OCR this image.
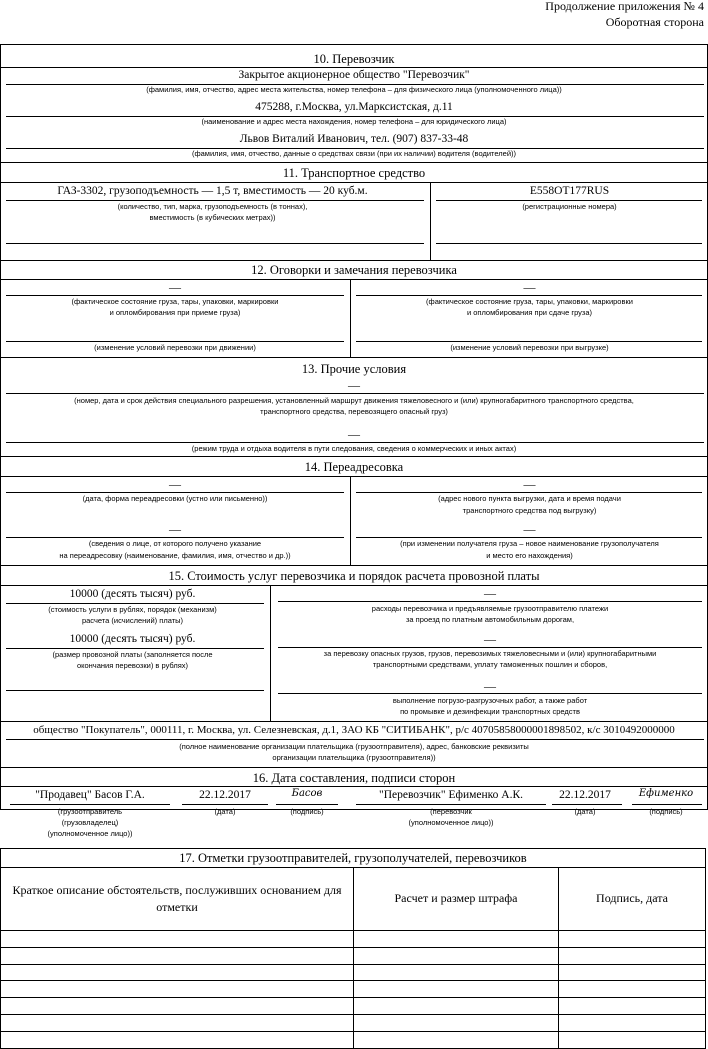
Продолжение приложения № 4
Оборотная сторона
10. Перевозчик
Закрытое акционерное общество "Перевозчик"
(фамилия, имя, отчество, адрес места жительства, номер телефона – для физического лица (уполномоченного лица))
475288, г.Москва, ул.Марксистская, д.11
(наименование и адрес места нахождения, номер телефона – для юридического лица)
Львов Виталий Иванович, тел. (907) 837-33-48
(фамилия, имя, отчество, данные о средствах связи (при их наличии) водителя (водителей))
11. Транспортное средство
ГАЗ-3302, грузоподъемность — 1,5 т, вместимость — 20 куб.м.
(количество, тип, марка, грузоподъемность (в тоннах),
вместимость (в кубических метрах))
Е558ОТ177RUS
(регистрационные номера)
12. Оговорки и замечания перевозчика
—
(фактическое состояние груза, тары, упаковки, маркировки
и опломбирования при приеме груза)
(изменение условий перевозки при движении)
—
(фактическое состояние груза, тары, упаковки, маркировки
и опломбирования при сдаче груза)
(изменение условий перевозки при выгрузке)
13. Прочие условия
—
(номер, дата и срок действия специального разрешения, установленный маршрут движения тяжеловесного и (или) крупногабаритного транспортного средства,
транспортного средства, перевозящего опасный груз)
—
(режим труда и отдыха водителя в пути следования, сведения о коммерческих и иных актах)
14. Переадресовка
—
(дата, форма переадресовки (устно или письменно))
—
(сведения о лице, от которого получено указание
на переадресовку (наименование, фамилия, имя, отчество и др.))
—
(адрес нового пункта выгрузки, дата и время подачи
транспортного средства под выгрузку)
—
(при изменении получателя груза – новое наименование грузополучателя
и место его нахождения)
15. Стоимость услуг перевозчика и порядок расчета провозной платы
10000 (десять тысяч) руб.
(стоимость услуги в рублях, порядок (механизм)
расчета (исчислений) платы)
10000 (десять тысяч) руб.
(размер провозной платы (заполняется после
окончания перевозки) в рублях)
—
расходы перевозчика и предъявляемые грузоотправителю платежи
за проезд по платным автомобильным дорогам,
—
за перевозку опасных грузов, грузов, перевозимых тяжеловесными и (или) крупногабаритными
транспортными средствами, уплату таможенных пошлин и сборов,
—
выполнение погрузо-разгрузочных работ, а также работ
по промывке и дезинфекции транспортных средств
общество "Покупатель", 000111, г. Москва, ул. Селезневская, д.1, ЗАО КБ "СИТИБАНК", р/с 40705858000001898502, к/с 3010492000000
(полное наименование организации плательщика (грузоотправителя), адрес, банковские реквизиты
организации плательщика (грузоотправителя))
16. Дата составления, подписи сторон
"Продавец" Басов Г.А.	22.12.2017	Басов	"Перевозчик" Ефименко А.К.	22.12.2017	Ефименко
(грузоотправитель
(грузовладелец)
(уполномоченное лицо))
(дата)	(подпись)	(перевозчик
(уполномоченное лицо))
(дата)	(подпись)
17. Отметки грузоотправителей, грузополучателей, перевозчиков		
Краткое описание обстоятельств, послуживших основанием для отметки	Расчет и размер штрафа	Подпись, дата
